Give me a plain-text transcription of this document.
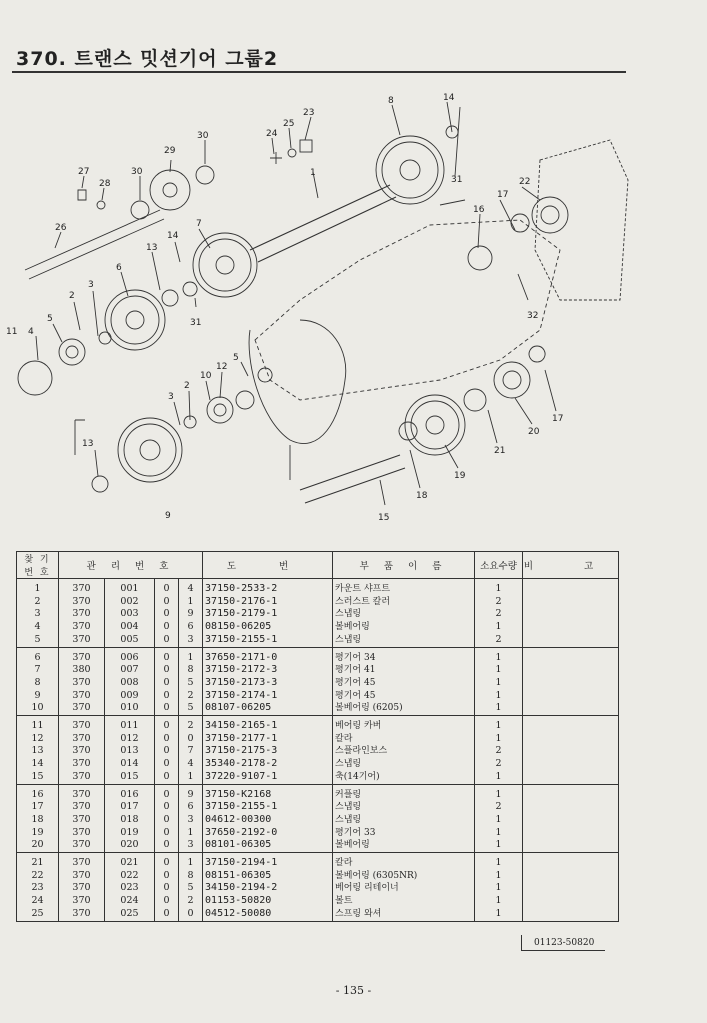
370. 트랜스 밋션기어 그룹2
8	14
23
25
24
30
29
30
27
28
26
1
7
14
13
6
3
2
5
4
11
31
16
17
22
32
31
5
12
10
2
3
13
9	15
18
19
21
20
17
찾 기 번 호	관 리 번 호				도 번	부 품 이 름	소요수량	비 고
1	370	001	0	4	37150-2533-2	카운트 샤프트	1	
2	370	002	0	1	37150-2176-1	스러스트 칼러	2	
3	370	003	0	9	37150-2179-1	스냅링	2	
4	370	004	0	6	08150-06205	볼베어링	1	
5	370	005	0	3	37150-2155-1	스냅링	2	
6	370	006	0	1	37650-2171-0	평기어 34	1	
7	380	007	0	8	37150-2172-3	평기어 41	1	
8	370	008	0	5	37150-2173-3	평기어 45	1	
9	370	009	0	2	37150-2174-1	평기어 45	1	
10	370	010	0	5	08107-06205	볼베어링 (6205)	1	
11	370	011	0	2	34150-2165-1	베어링 카버	1	
12	370	012	0	0	37150-2177-1	칼라	1	
13	370	013	0	7	37150-2175-3	스플라인보스	2	
14	370	014	0	4	35340-2178-2	스냅링	2	
15	370	015	0	1	37220-9107-1	축(14기어)	1	
16	370	016	0	9	37150-K2168	커플링	1	
17	370	017	0	6	37150-2155-1	스냅링	2	
18	370	018	0	3	04612-00300	스냅링	1	
19	370	019	0	1	37650-2192-0	평기어 33	1	
20	370	020	0	3	08101-06305	볼베어링	1	
21	370	021	0	1	37150-2194-1	칼라	1	
22	370	022	0	8	08151-06305	볼베어링 (6305NR)	1	
23	370	023	0	5	34150-2194-2	베어링 리테이너	1	
24	370	024	0	2	01153-50820	볼트	1	
25	370	025	0	0	04512-50080	스프링 와셔	1	
01123-50820
- 135 -
